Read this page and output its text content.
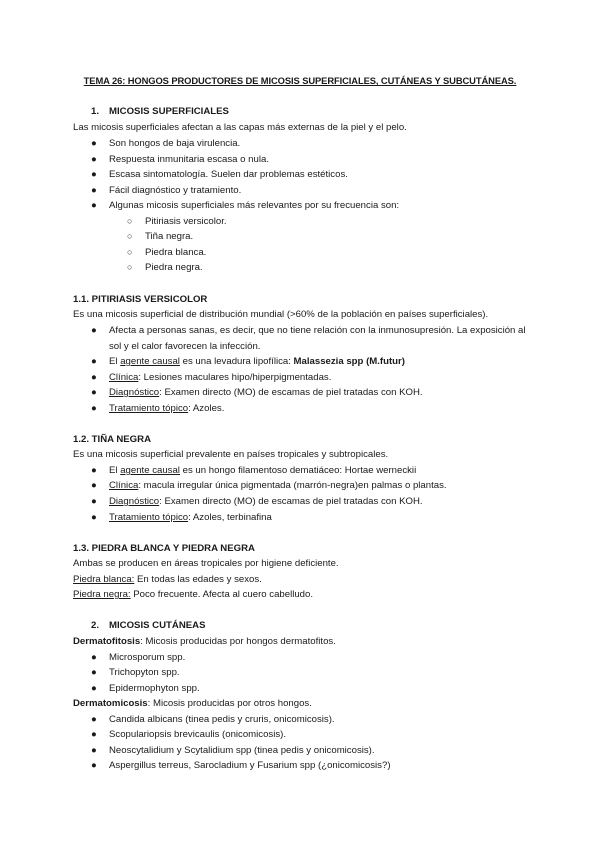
TEMA 26: HONGOS PRODUCTORES DE MICOSIS SUPERFICIALES, CUTÁNEAS Y SUBCUTÁNEAS.
1. MICOSIS SUPERFICIALES
Las micosis superficiales afectan a las capas más externas de la piel y el pelo.
●	Son hongos de baja virulencia.
●	Respuesta inmunitaria escasa o nula.
●	Escasa sintomatología. Suelen dar problemas estéticos.
●	Fácil diagnóstico y tratamiento.
●	Algunas micosis superficiales más relevantes por su frecuencia son:
○ Pitiriasis versicolor.
○ Tiña negra.
○ Piedra blanca.
○ Piedra negra.
1.1. PITIRIASIS VERSICOLOR
Es una micosis superficial de distribución mundial (>60% de la población en países superficiales).
●	Afecta a personas sanas, es decir, que no tiene relación con la inmunosupresión. La exposición al sol y el calor favorecen la infección.
●	El agente causal es una levadura lipofílica: Malassezia spp (M.futur)
●	Clínica: Lesiones maculares hipo/hiperpigmentadas.
●	Diagnóstico: Examen directo (MO) de escamas de piel tratadas con KOH.
●	Tratamiento tópico: Azoles.
1.2. TIÑA NEGRA
Es una micosis superficial prevalente en países tropicales y subtropicales.
●	El agente causal es un hongo filamentoso dematiáceo: Hortae werneckii
●	Clínica: macula irregular única pigmentada (marrón-negra)en palmas o plantas.
●	Diagnóstico: Examen directo (MO) de escamas de piel tratadas con KOH.
●	Tratamiento tópico: Azoles, terbinafina
1.3. PIEDRA BLANCA Y PIEDRA NEGRA
Ambas se producen en áreas tropicales por higiene deficiente.
Piedra blanca: En todas las edades y sexos.
Piedra negra: Poco frecuente. Afecta al cuero cabelludo.
2. MICOSIS CUTÁNEAS
Dermatofitosis: Micosis producidas por hongos dermatofitos.
●	Microsporum spp.
●	Trichopyton spp.
●	Epidermophyton spp.
Dermatomicosis: Micosis producidas por otros hongos.
●	Candida albicans (tinea pedis y cruris, onicomicosis).
●	Scopulariopsis brevicaulis (onicomicosis).
●	Neoscytalidium y Scytalidium spp (tinea pedis y onicomicosis).
●	Aspergillus terreus, Sarocladium y Fusarium spp (¿onicomicosis?)
